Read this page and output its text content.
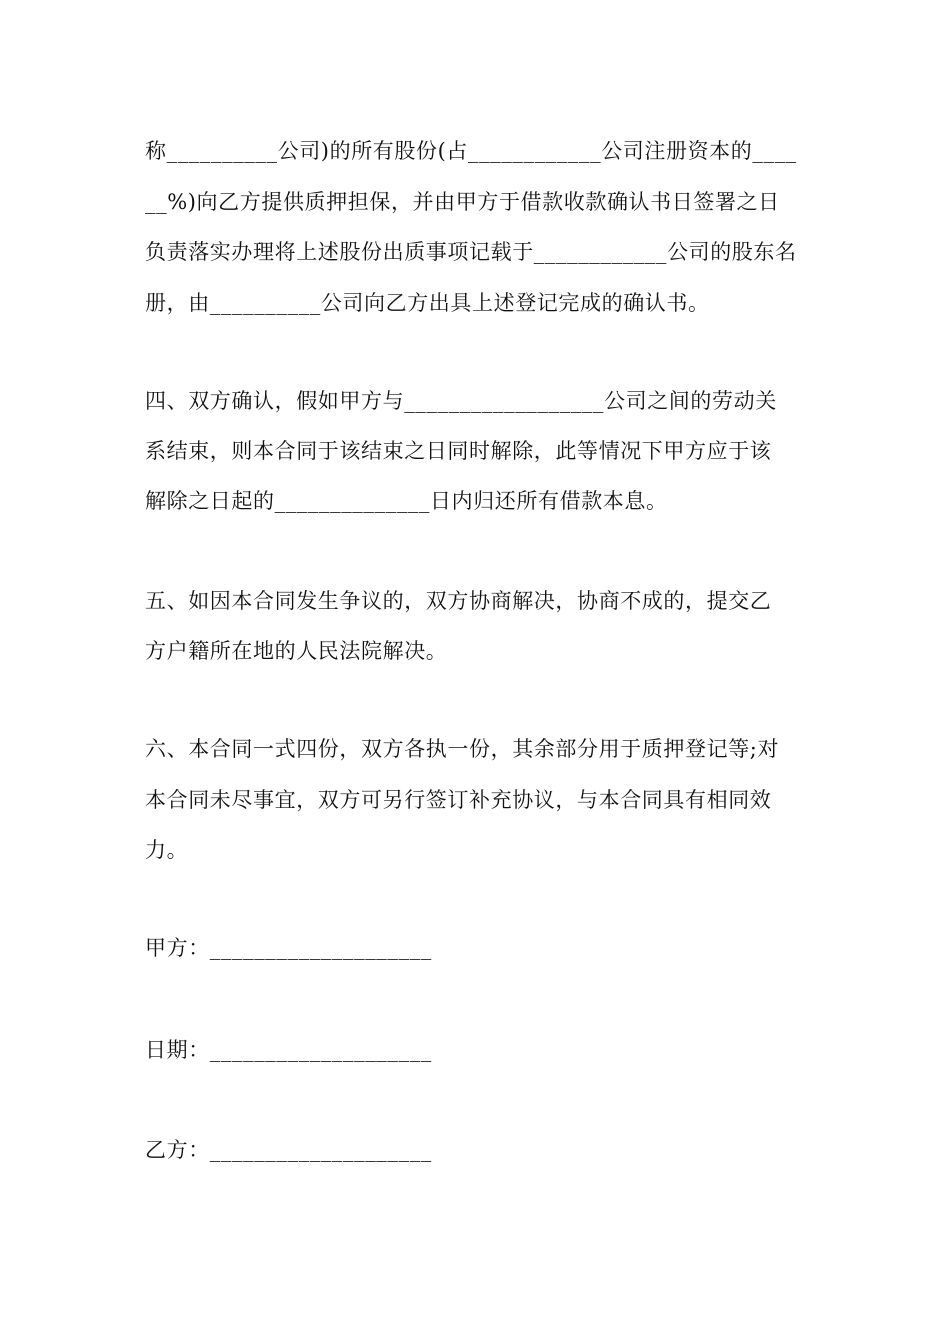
称__________公司)的所有股份(占____________公司注册资本的____
__%)向乙方提供质押担保，并由甲方于借款收款确认书日签署之日
负责落实办理将上述股份出质事项记载于____________公司的股东名
册，由__________公司向乙方出具上述登记完成的确认书。
四、双方确认，假如甲方与__________________公司之间的劳动关
系结束，则本合同于该结束之日同时解除，此等情况下甲方应于该
解除之日起的______________日内归还所有借款本息。
五、如因本合同发生争议的，双方协商解决，协商不成的，提交乙
方户籍所在地的人民法院解决。
六、本合同一式四份，双方各执一份，其余部分用于质押登记等;对
本合同未尽事宜，双方可另行签订补充协议，与本合同具有相同效
力。
甲方：____________________
日期：____________________
乙方：____________________
